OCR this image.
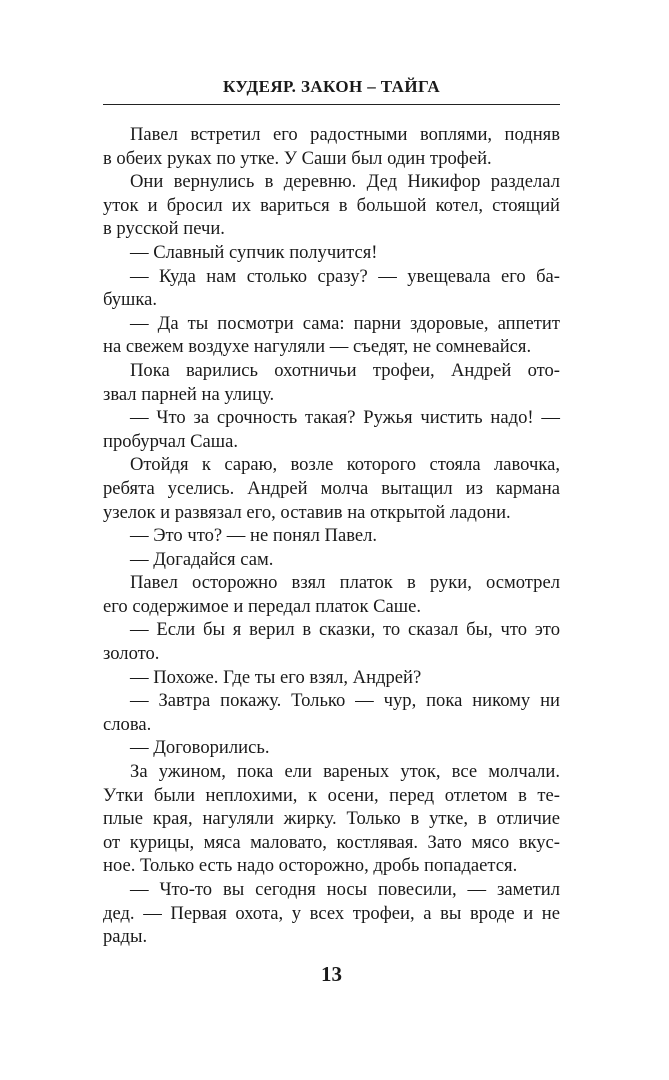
КУДЕЯР. ЗАКОН – ТАЙГА

Павел встретил его радостными воплями, подняв
в обеих руках по утке. У Саши был один трофей.

Они вернулись в деревню. Дед Никифор разделал
уток и бросил их вариться в большой котел, стоящий
в русской печи.

— Славный супчик получится!

— Куда нам столько сразу? — увещевала его ба-
бушка.

— Да ты посмотри сама: парни здоровые, аппетит
на свежем воздухе нагуляли — съедят, не сомневайся.

Пока варились охотничьи трофеи, Андрей ото-
звал парней на улицу.

— Что за срочность такая? Ружья чистить надо! —
пробурчал Саша.

Отойдя к сараю, возле которого стояла лавочка,
ребята уселись. Андрей молча вытащил из кармана
узелок и развязал его, оставив на открытой ладони.

— Это что? — не понял Павел.

— Догадайся сам.

Павел осторожно взял платок в руки, осмотрел
его содержимое и передал платок Саше.

— Если бы я верил в сказки, то сказал бы, что это
золото.

— Похоже. Где ты его взял, Андрей?

— Завтра покажу. Только — чур, пока никому ни
слова.

— Договорились.

За ужином, пока ели вареных уток, все молчали.
Утки были неплохими, к осени, перед отлетом в те-
плые края, нагуляли жирку. Только в утке, в отличие
от курицы, мяса маловато, костлявая. Зато мясо вкус-
ное. Только есть надо осторожно, дробь попадается.

— Что-то вы сегодня носы повесили, — заметил
дед. — Первая охота, у всех трофеи, а вы вроде и не
рады.

13
